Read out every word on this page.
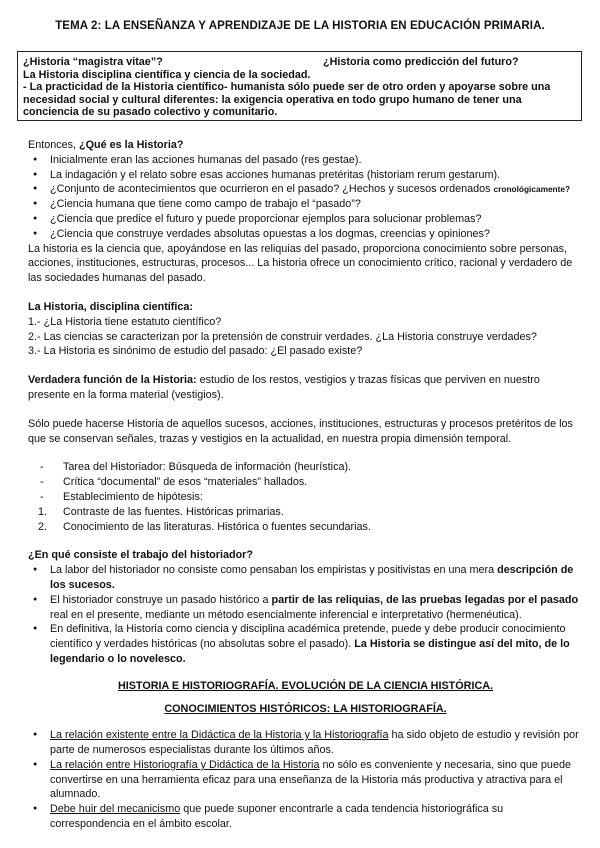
TEMA 2: LA ENSEÑANZA Y APRENDIZAJE DE LA HISTORIA EN EDUCACIÓN PRIMARIA.
¿Historia “magistra vitae”?	¿Historia como predicción del futuro?
La Historia disciplina científica y ciencia de la sociedad.
- La practicidad de la Historia científico- humanista sólo puede ser de otro orden y apoyarse sobre una necesidad social y cultural diferentes: la exigencia operativa en todo grupo humano de tener una conciencia de su pasado colectivo y comunitario.

Entonces, ¿Qué es la Historia?

● Inicialmente eran las acciones humanas del pasado (res gestae).
● La indagación y el relato sobre esas acciones humanas pretéritas (historiam rerum gestarum).
● ¿Conjunto de acontecimientos que ocurrieron en el pasado? ¿Hechos y sucesos ordenados cronológicamente?
● ¿Ciencia humana que tiene como campo de trabajo el “pasado”?
● ¿Ciencia que predice el futuro y puede proporcionar ejemplos para solucionar problemas?
● ¿Ciencia que construye verdades absolutas opuestas a los dogmas, creencias y opiniones?

La historia es la ciencia que, apoyándose en las reliquias del pasado, proporciona conocimiento sobre personas, acciones, instituciones, estructuras, procesos... La historia ofrece un conocimiento crítico, racional y verdadero de las sociedades humanas del pasado.

La Historia, disciplina científica:

1.- ¿La Historia tiene estatuto científico?

2.- Las ciencias se caracterizan por la pretensión de construir verdades. ¿La Historia construye verdades?

3.- La Historia es sinónimo de estudio del pasado: ¿El pasado existe?

Verdadera función de la Historia: estudio de los restos, vestigios y trazas físicas que perviven en nuestro presente en la forma material (vestigios).

Sólo puede hacerse Historia de aquellos sucesos, acciones, instituciones, estructuras y procesos pretéritos de los que se conservan señales, trazas y vestigios en la actualidad, en nuestra propia dimensión temporal.

- Tarea del Historiador: Búsqueda de información (heurística).
- Crítica “documental” de esos “materiales” hallados.
- Establecimiento de hipótesis:
1. Contraste de las fuentes. Históricas primarias.
2. Conocimiento de las literaturas. Histórica o fuentes secundarias.

¿En qué consiste el trabajo del historiador?

● La labor del historiador no consiste como pensaban los empiristas y positivistas en una mera descripción de los sucesos.
● El historiador construye un pasado histórico a partir de las reliquias, de las pruebas legadas por el pasado real en el presente, mediante un método esencialmente inferencial e interpretativo (hermenéutica).
● En definitiva, la Historia como ciencia y disciplina académica pretende, puede y debe producir conocimiento científico y verdades históricas (no absolutas sobre el pasado). La Historia se distingue así del mito, de lo legendario o lo novelesco.

HISTORIA E HISTORIOGRAFÍA. EVOLUCIÓN DE LA CIENCIA HISTÓRICA.

CONOCIMIENTOS HISTÓRICOS: LA HISTORIOGRAFÍA.

● La relación existente entre la Didáctica de la Historia y la Historiografía ha sido objeto de estudio y revisión por parte de numerosos especialistas durante los últimos años.
● La relación entre Historiografía y Didáctica de la Historia no sólo es conveniente y necesaria, sino que puede convertirse en una herramienta eficaz para una enseñanza de la Historia más productiva y atractiva para el alumnado.
● Debe huir del mecanicismo que puede suponer encontrarle a cada tendencia historiográfica su correspondencia en el ámbito escolar.
